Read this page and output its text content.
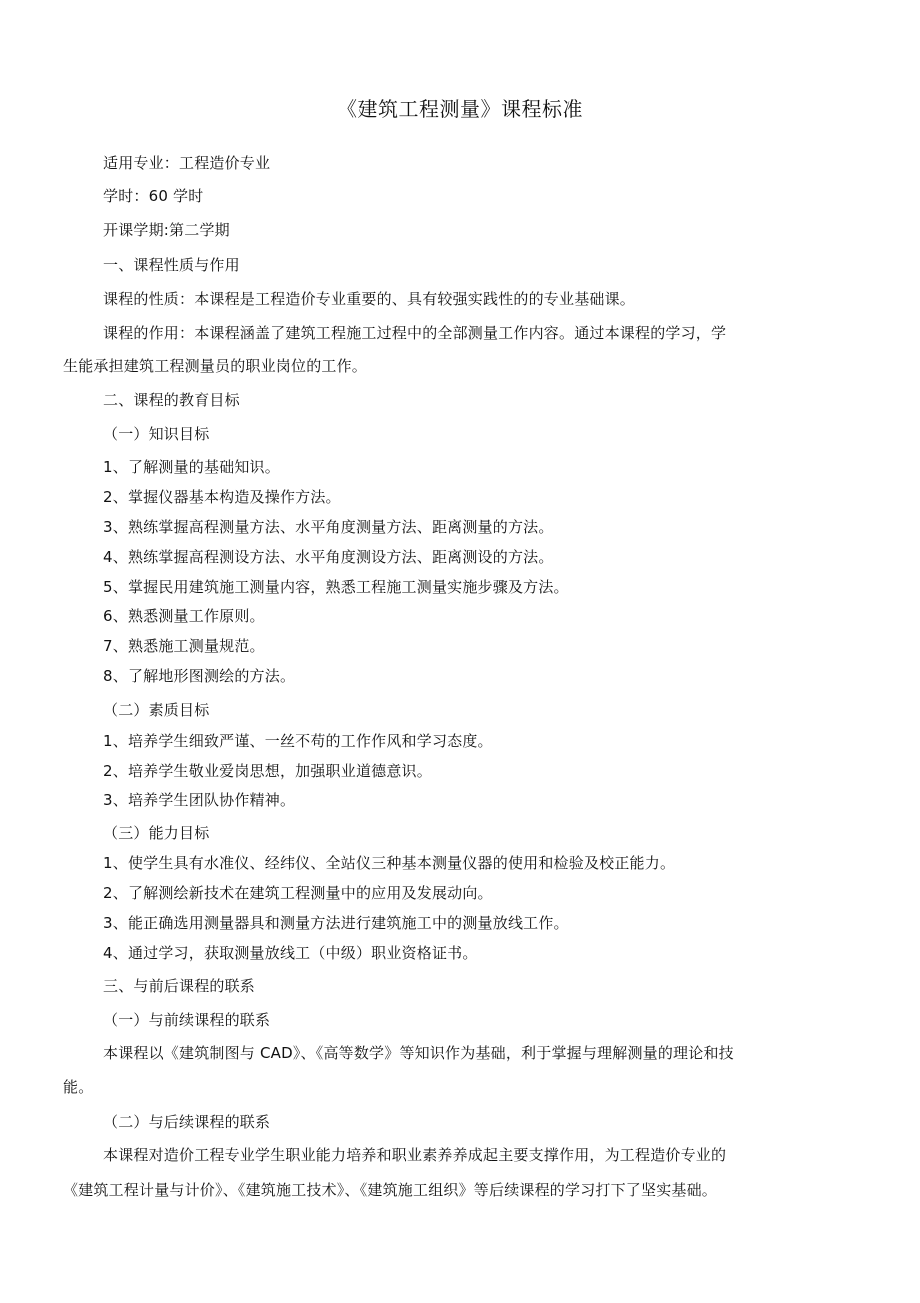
《建筑工程测量》课程标准
适用专业：工程造价专业
学时：60 学时
开课学期:第二学期
一、课程性质与作用
课程的性质：本课程是工程造价专业重要的、具有较强实践性的的专业基础课。
课程的作用：本课程涵盖了建筑工程施工过程中的全部测量工作内容。通过本课程的学习，学
生能承担建筑工程测量员的职业岗位的工作。
二、课程的教育目标
（一）知识目标
1、了解测量的基础知识。
2、掌握仪器基本构造及操作方法。
3、熟练掌握高程测量方法、水平角度测量方法、距离测量的方法。
4、熟练掌握高程测设方法、水平角度测设方法、距离测设的方法。
5、掌握民用建筑施工测量内容，熟悉工程施工测量实施步骤及方法。
6、熟悉测量工作原则。
7、熟悉施工测量规范。
8、了解地形图测绘的方法。
（二）素质目标
1、培养学生细致严谨、一丝不苟的工作作风和学习态度。
2、培养学生敬业爱岗思想，加强职业道德意识。
3、培养学生团队协作精神。
（三）能力目标
1、使学生具有水准仪、经纬仪、全站仪三种基本测量仪器的使用和检验及校正能力。
2、了解测绘新技术在建筑工程测量中的应用及发展动向。
3、能正确选用测量器具和测量方法进行建筑施工中的测量放线工作。
4、通过学习，获取测量放线工（中级）职业资格证书。
三、与前后课程的联系
（一）与前续课程的联系
本课程以《建筑制图与 CAD》、《高等数学》等知识作为基础，利于掌握与理解测量的理论和技
能。
（二）与后续课程的联系
本课程对造价工程专业学生职业能力培养和职业素养养成起主要支撑作用，为工程造价专业的
《建筑工程计量与计价》、《建筑施工技术》、《建筑施工组织》等后续课程的学习打下了坚实基础。
